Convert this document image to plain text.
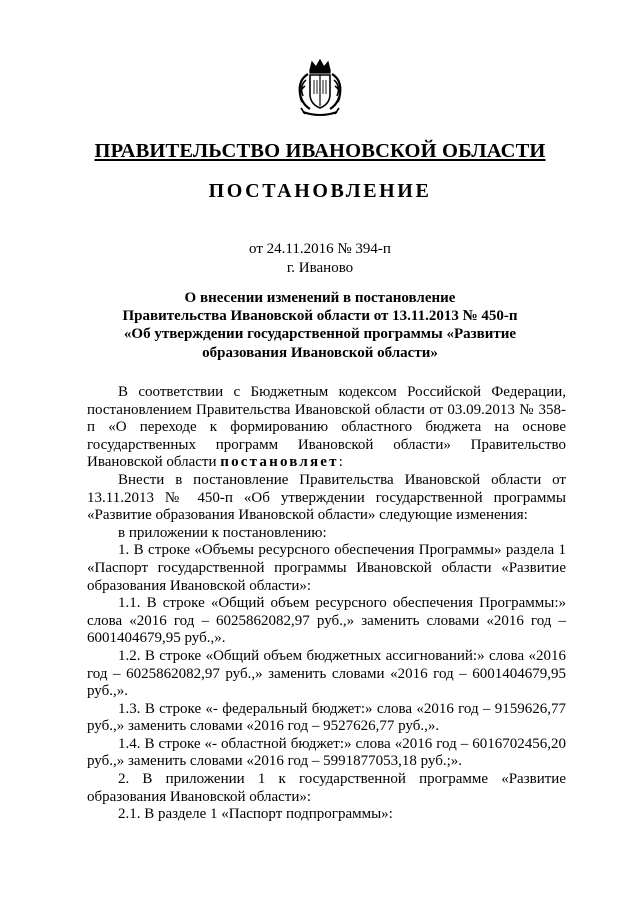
ПРАВИТЕЛЬСТВО ИВАНОВСКОЙ ОБЛАСТИ
ПОСТАНОВЛЕНИЕ
от 24.11.2016 № 394-п
г. Иваново
О внесении изменений в постановление
Правительства Ивановской области от 13.11.2013 № 450-п
«Об утверждении государственной программы «Развитие
образования Ивановской области»

В соответствии с Бюджетным кодексом Российской Федерации, постановлением Правительства Ивановской области от 03.09.2013 № 358-п «О переходе к формированию областного бюджета на основе государственных программ Ивановской области» Правительство Ивановской области постановляет:

Внести в постановление Правительства Ивановской области от 13.11.2013 № 450-п «Об утверждении государственной программы «Развитие образования Ивановской области» следующие изменения:

в приложении к постановлению:

1. В строке «Объемы ресурсного обеспечения Программы» раздела 1 «Паспорт государственной программы Ивановской области «Развитие образования Ивановской области»:

1.1. В строке «Общий объем ресурсного обеспечения Программы:» слова «2016 год – 6025862082,97 руб.,» заменить словами «2016 год – 6001404679,95 руб.,».

1.2. В строке «Общий объем бюджетных ассигнований:» слова «2016 год – 6025862082,97 руб.,» заменить словами «2016 год – 6001404679,95 руб.,».

1.3. В строке «- федеральный бюджет:» слова «2016 год – 9159626,77 руб.,» заменить словами «2016 год – 9527626,77 руб.,».

1.4. В строке «- областной бюджет:» слова «2016 год – 6016702456,20 руб.,» заменить словами «2016 год – 5991877053,18 руб.;».

2. В приложении 1 к государственной программе «Развитие образования Ивановской области»:

2.1. В разделе 1 «Паспорт подпрограммы»:
